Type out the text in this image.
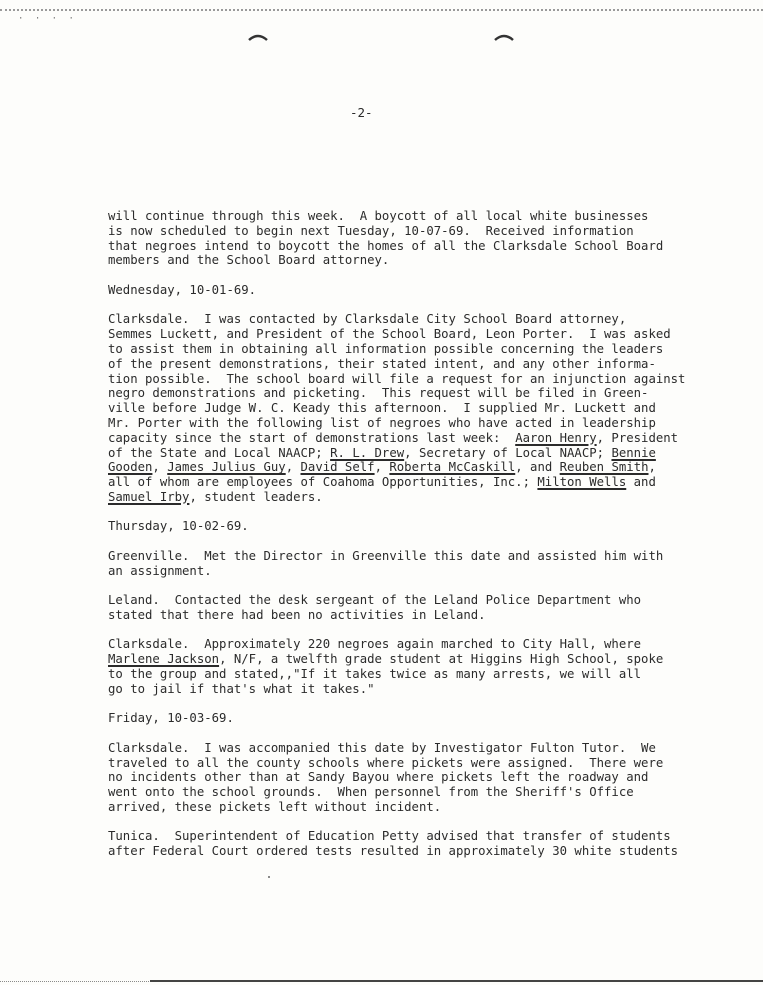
· · · ·
-2-
will continue through this week.  A boycott of all local white businesses
is now scheduled to begin next Tuesday, 10-07-69.  Received information
that negroes intend to boycott the homes of all the Clarksdale School Board
members and the School Board attorney.
Wednesday, 10-01-69.
Clarksdale.  I was contacted by Clarksdale City School Board attorney,
Semmes Luckett, and President of the School Board, Leon Porter.  I was asked
to assist them in obtaining all information possible concerning the leaders
of the present demonstrations, their stated intent, and any other informa-
tion possible.  The school board will file a request for an injunction against
negro demonstrations and picketing.  This request will be filed in Green-
ville before Judge W. C. Keady this afternoon.  I supplied Mr. Luckett and
Mr. Porter with the following list of negroes who have acted in leadership
capacity since the start of demonstrations last week:  Aaron Henry, President
of the State and Local NAACP; R. L. Drew, Secretary of Local NAACP; Bennie
Gooden, James Julius Guy, David Self, Roberta McCaskill, and Reuben Smith,
all of whom are employees of Coahoma Opportunities, Inc.; Milton Wells and
Samuel Irby, student leaders.
Thursday, 10-02-69.
Greenville.  Met the Director in Greenville this date and assisted him with
an assignment.
Leland.  Contacted the desk sergeant of the Leland Police Department who
stated that there had been no activities in Leland.
Clarksdale.  Approximately 220 negroes again marched to City Hall, where
Marlene Jackson, N/F, a twelfth grade student at Higgins High School, spoke
to the group and stated,,"If it takes twice as many arrests, we will all
go to jail if that's what it takes."
Friday, 10-03-69.
Clarksdale.  I was accompanied this date by Investigator Fulton Tutor.  We
traveled to all the county schools where pickets were assigned.  There were
no incidents other than at Sandy Bayou where pickets left the roadway and
went onto the school grounds.  When personnel from the Sheriff's Office
arrived, these pickets left without incident.
Tunica.  Superintendent of Education Petty advised that transfer of students
after Federal Court ordered tests resulted in approximately 30 white students
